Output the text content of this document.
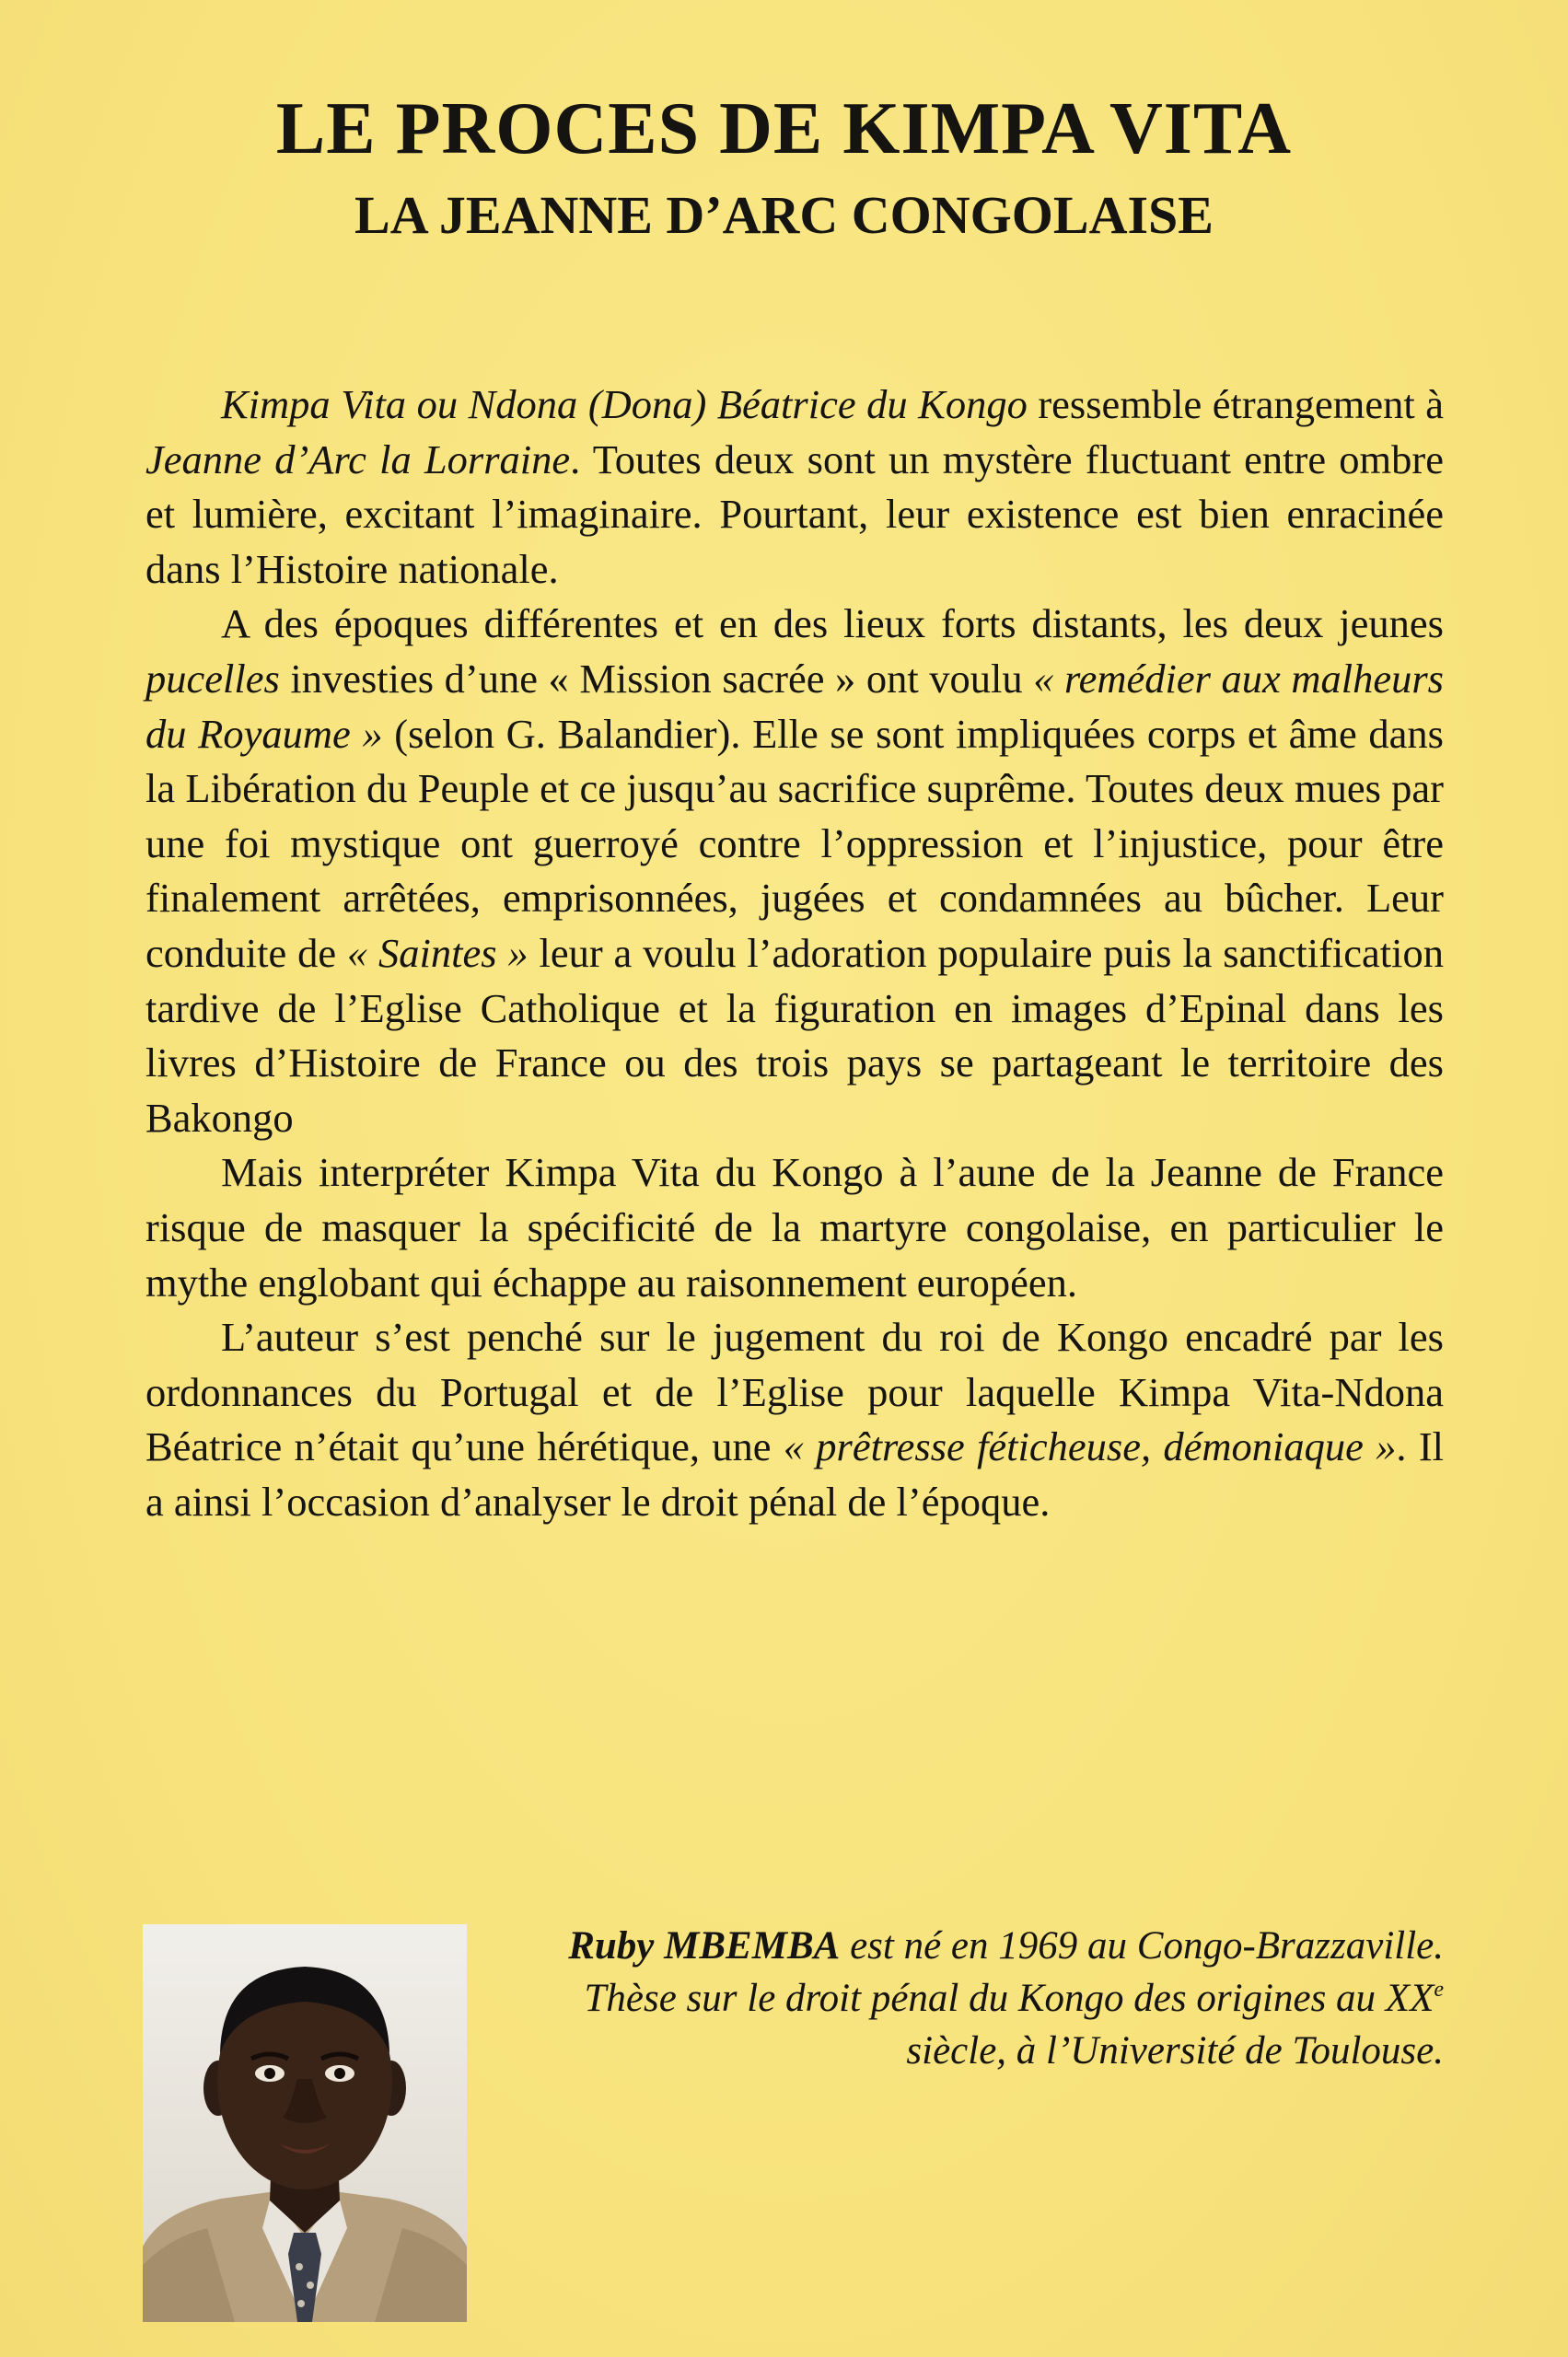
LE PROCES DE KIMPA VITA
LA JEANNE D’ARC CONGOLAISE

Kimpa Vita ou Ndona (Dona) Béatrice du Kongo ressemble étrangement à Jeanne d’Arc la Lorraine. Toutes deux sont un mystère fluctuant entre ombre et lumière, excitant l’imaginaire. Pourtant, leur existence est bien enracinée dans l’Histoire nationale.

A des époques différentes et en des lieux forts distants, les deux jeunes pucelles investies d’une « Mission sacrée » ont voulu « remédier aux malheurs du Royaume » (selon G. Balandier). Elle se sont impliquées corps et âme dans la Libération du Peuple et ce jusqu’au sacrifice suprême. Toutes deux mues par une foi mystique ont guerroyé contre l’oppression et l’injustice, pour être finalement arrêtées, emprisonnées, jugées et condamnées au bûcher. Leur conduite de « Saintes » leur a voulu l’adoration populaire puis la sanctification tardive de l’Eglise Catholique et la figuration en images d’Epinal dans les livres d’Histoire de France ou des trois pays se partageant le territoire des Bakongo

Mais interpréter Kimpa Vita du Kongo à l’aune de la Jeanne de France risque de masquer la spécificité de la martyre congolaise, en particulier le mythe englobant qui échappe au raisonnement européen.

L’auteur s’est penché sur le jugement du roi de Kongo encadré par les ordonnances du Portugal et de l’Eglise pour laquelle Kimpa Vita-Ndona Béatrice n’était qu’une hérétique, une « prêtresse féticheuse, démoniaque ». Il a ainsi l’occasion d’analyser le droit pénal de l’époque.

Ruby MBEMBA est né en 1969 au Congo-Brazzaville. Thèse sur le droit pénal du Kongo des origines au XXe siècle, à l’Université de Toulouse.
